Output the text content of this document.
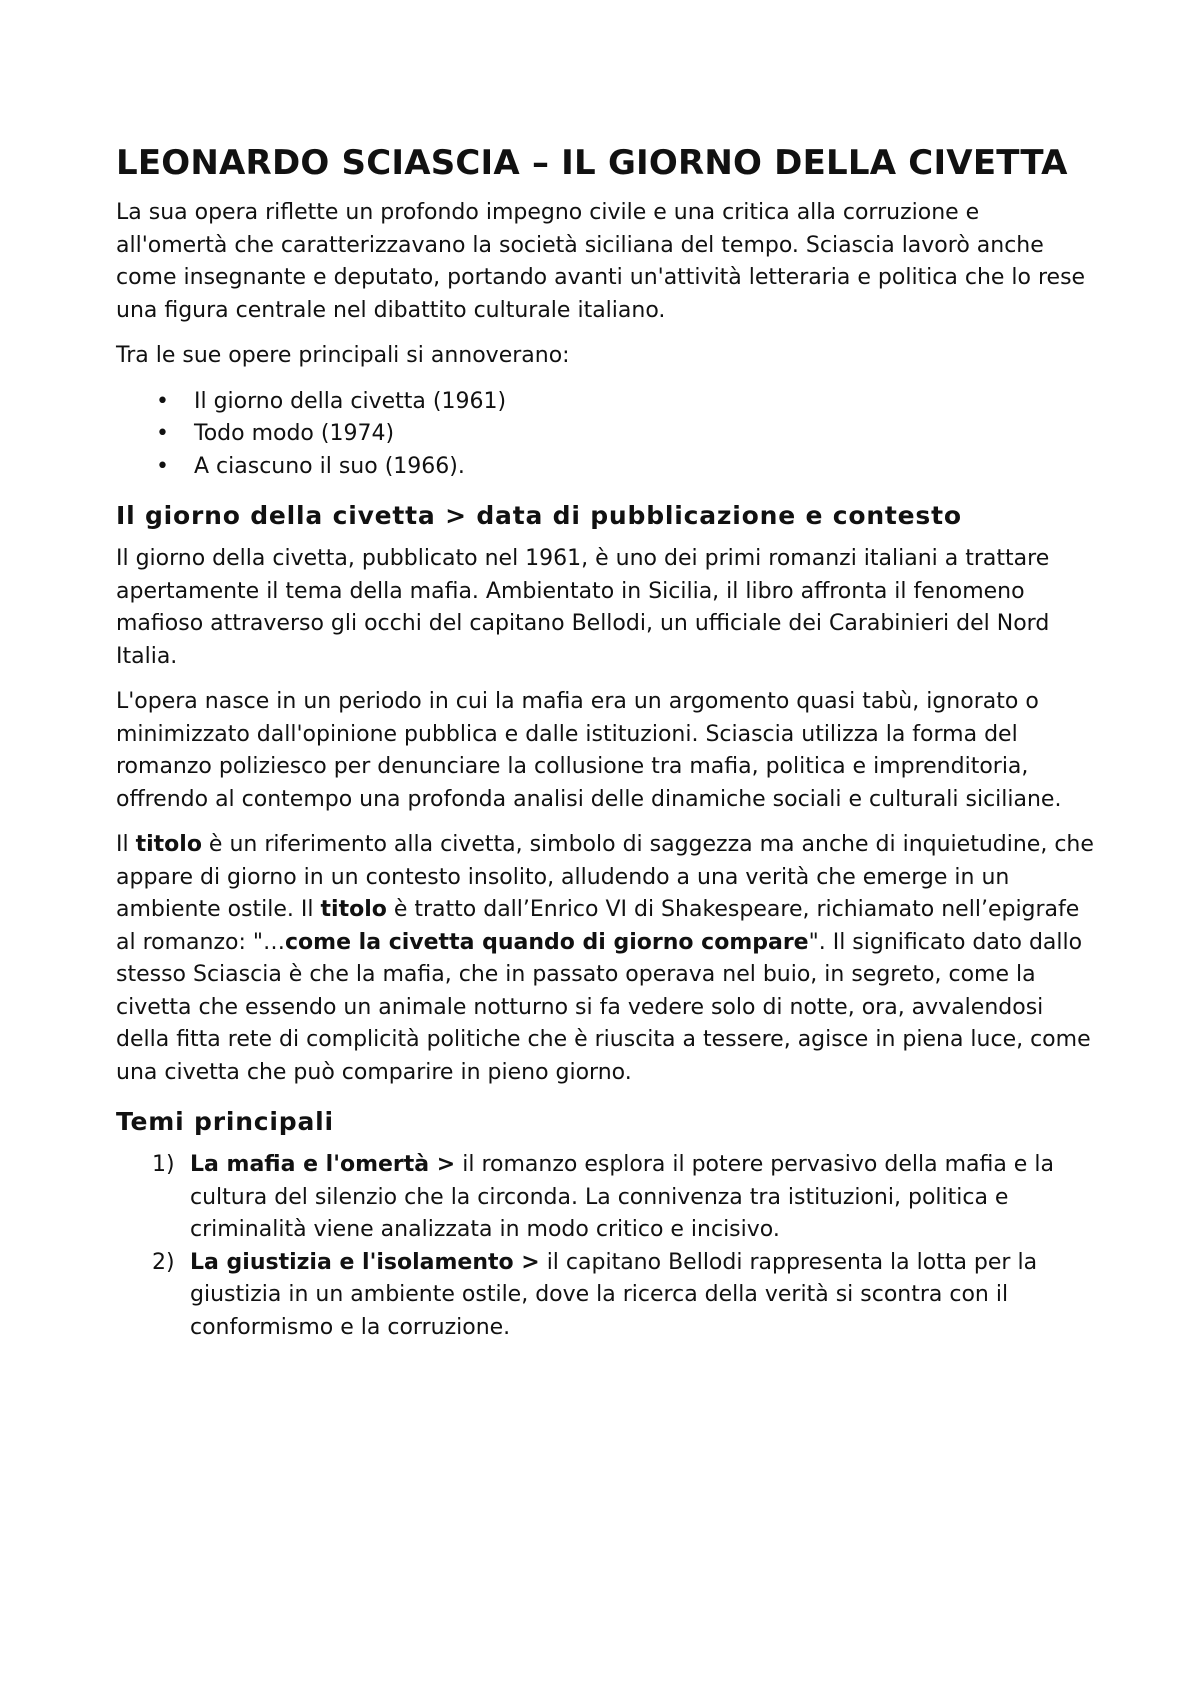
LEONARDO SCIASCIA – IL GIORNO DELLA CIVETTA

La sua opera riflette un profondo impegno civile e una critica alla corruzione e all'omertà che caratterizzavano la società siciliana del tempo. Sciascia lavorò anche come insegnante e deputato, portando avanti un'attività letteraria e politica che lo rese una figura centrale nel dibattito culturale italiano.

Tra le sue opere principali si annoverano:

• Il giorno della civetta (1961)
• Todo modo (1974)
• A ciascuno il suo (1966).
Il giorno della civetta > data di pubblicazione e contesto

Il giorno della civetta, pubblicato nel 1961, è uno dei primi romanzi italiani a trattare apertamente il tema della mafia. Ambientato in Sicilia, il libro affronta il fenomeno mafioso attraverso gli occhi del capitano Bellodi, un ufficiale dei Carabinieri del Nord Italia.

L'opera nasce in un periodo in cui la mafia era un argomento quasi tabù, ignorato o minimizzato dall'opinione pubblica e dalle istituzioni. Sciascia utilizza la forma del romanzo poliziesco per denunciare la collusione tra mafia, politica e imprenditoria, offrendo al contempo una profonda analisi delle dinamiche sociali e culturali siciliane.

Il titolo è un riferimento alla civetta, simbolo di saggezza ma anche di inquietudine, che appare di giorno in un contesto insolito, alludendo a una verità che emerge in un ambiente ostile. Il titolo è tratto dall’Enrico VI di Shakespeare, richiamato nell’epigrafe al romanzo: "…come la civetta quando di giorno compare". Il significato dato dallo stesso Sciascia è che la mafia, che in passato operava nel buio, in segreto, come la civetta che essendo un animale notturno si fa vedere solo di notte, ora, avvalendosi della fitta rete di complicità politiche che è riuscita a tessere, agisce in piena luce, come una civetta che può comparire in pieno giorno.

Temi principali
1) La mafia e l'omertà > il romanzo esplora il potere pervasivo della mafia e la cultura del silenzio che la circonda. La connivenza tra istituzioni, politica e criminalità viene analizzata in modo critico e incisivo.
2) La giustizia e l'isolamento > il capitano Bellodi rappresenta la lotta per la giustizia in un ambiente ostile, dove la ricerca della verità si scontra con il conformismo e la corruzione.
